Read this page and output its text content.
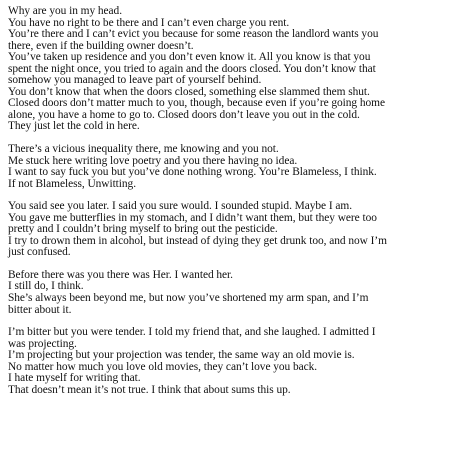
Why are you in my head.
You have no right to be there and I can’t even charge you rent.
You’re there and I can’t evict you because for some reason the landlord wants you
there, even if the building owner doesn’t.
You’ve taken up residence and you don’t even know it. All you know is that you
spent the night once, you tried to again and the doors closed. You don’t know that
somehow you managed to leave part of yourself behind.
You don’t know that when the doors closed, something else slammed them shut.
Closed doors don’t matter much to you, though, because even if you’re going home
alone, you have a home to go to. Closed doors don’t leave you out in the cold.
They just let the cold in here.
There’s a vicious inequality there, me knowing and you not.
Me stuck here writing love poetry and you there having no idea.
I want to say fuck you but you’ve done nothing wrong. You’re Blameless, I think.
If not Blameless, Unwitting.
You said see you later. I said you sure would. I sounded stupid. Maybe I am.
You gave me butterflies in my stomach, and I didn’t want them, but they were too
pretty and I couldn’t bring myself to bring out the pesticide.
I try to drown them in alcohol, but instead of dying they get drunk too, and now I’m
just confused.
Before there was you there was Her. I wanted her.
I still do, I think.
She’s always been beyond me, but now you’ve shortened my arm span, and I’m
bitter about it.
I’m bitter but you were tender. I told my friend that, and she laughed. I admitted I
was projecting.
I’m projecting but your projection was tender, the same way an old movie is.
No matter how much you love old movies, they can’t love you back.
I hate myself for writing that.
That doesn’t mean it’s not true. I think that about sums this up.
